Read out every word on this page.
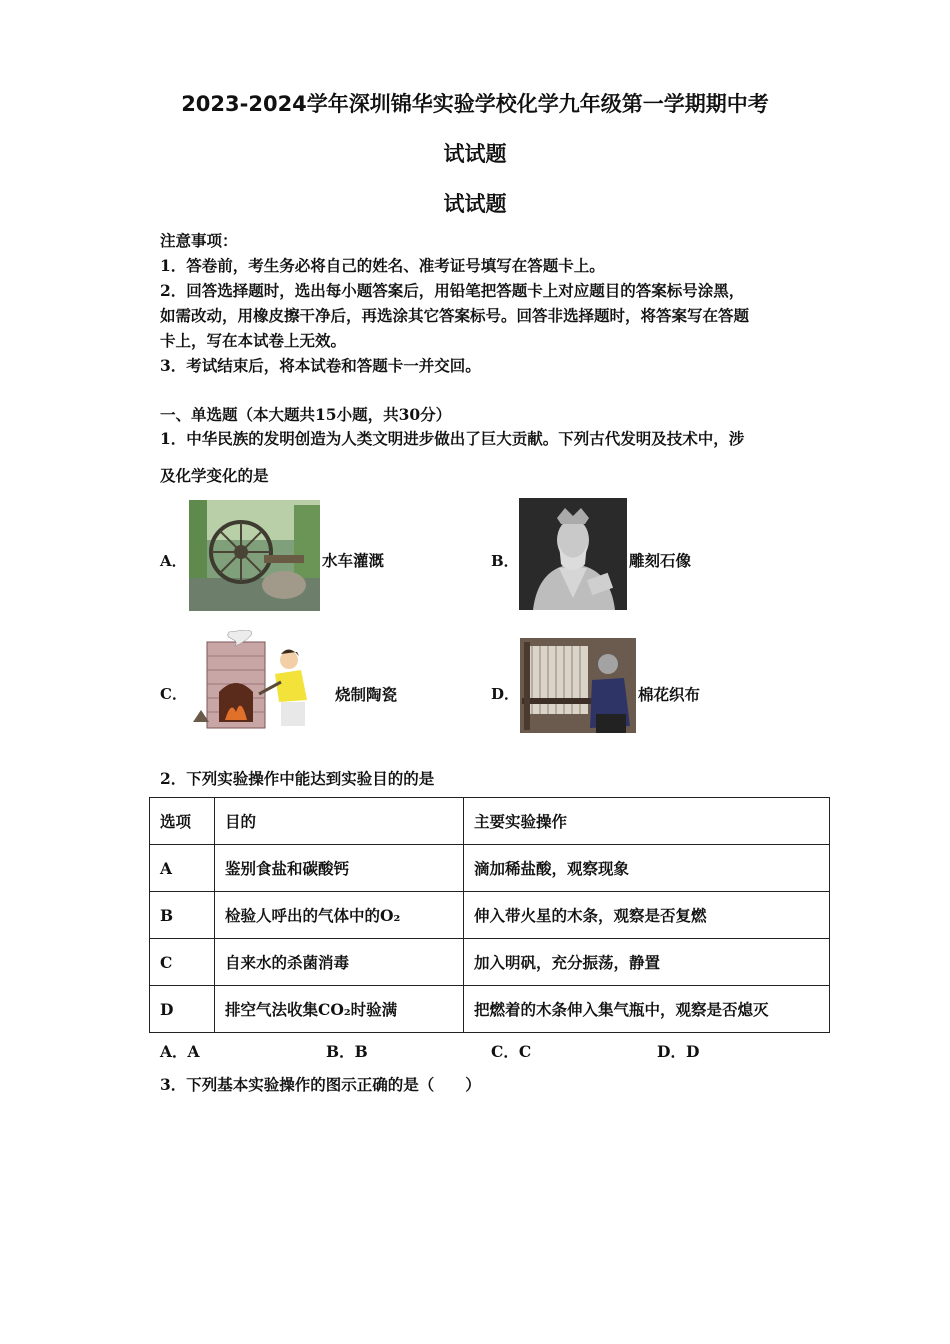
2023-2024学年深圳锦华实验学校化学九年级第一学期期中考
试试题
试试题
注意事项：
1．答卷前，考生务必将自己的姓名、准考证号填写在答题卡上。
2．回答选择题时，选出每小题答案后，用铅笔把答题卡上对应题目的答案标号涂黑，
如需改动，用橡皮擦干净后，再选涂其它答案标号。回答非选择题时，将答案写在答题
卡上，写在本试卷上无效。
3．考试结束后，将本试卷和答题卡一并交回。
一、单选题（本大题共15小题，共30分）
1．中华民族的发明创造为人类文明进步做出了巨大贡献。下列古代发明及技术中，涉
及化学变化的是
A．	水车灌溉	B．	雕刻石像
C．	烧制陶瓷	D．	棉花织布
2．下列实验操作中能达到实验目的的是
选项	目的	主要实验操作
A	鉴别食盐和碳酸钙	滴加稀盐酸，观察现象
B	检验人呼出的气体中的O₂	伸入带火星的木条，观察是否复燃
C	自来水的杀菌消毒	加入明矾，充分振荡，静置
D	排空气法收集CO₂时验满	把燃着的木条伸入集气瓶中，观察是否熄灭
A．A	B．B	C．C	D．D
3．下列基本实验操作的图示正确的是（　　）
